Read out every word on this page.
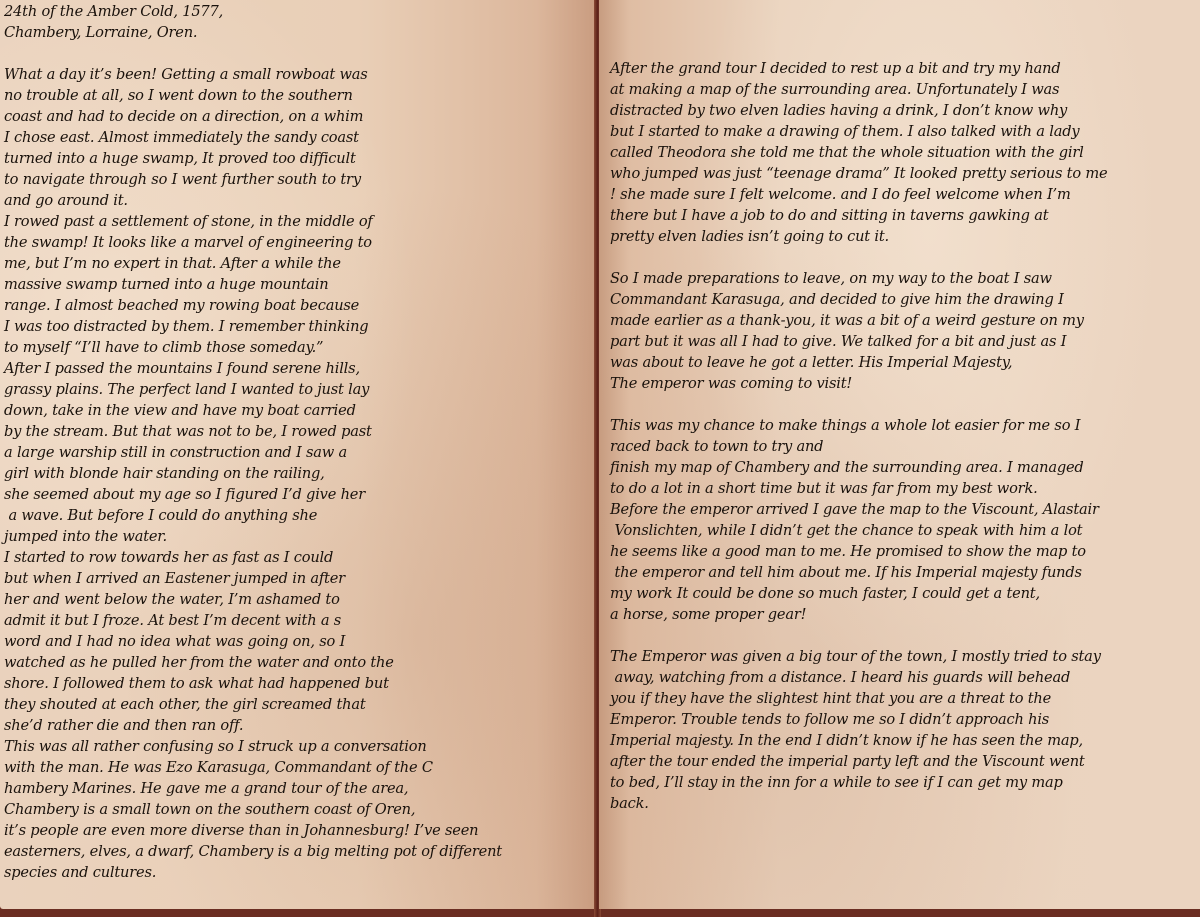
24th of the Amber Cold, 1577,
Chambery, Lorraine, Oren.
What a day it’s been! Getting a small rowboat was
no trouble at all, so I went down to the southern
coast and had to decide on a direction, on a whim
I chose east. Almost immediately the sandy coast
turned into a huge swamp, It proved too difficult
to navigate through so I went further south to try
and go around it.
I rowed past a settlement of stone, in the middle of
the swamp! It looks like a marvel of engineering to
me, but I’m no expert in that. After a while the
massive swamp turned into a huge mountain
range. I almost beached my rowing boat because
I was too distracted by them. I remember thinking
to myself “I’ll have to climb those someday.”
After I passed the mountains I found serene hills,
grassy plains. The perfect land I wanted to just lay
down, take in the view and have my boat carried
by the stream. But that was not to be, I rowed past
a large warship still in construction and I saw a
girl with blonde hair standing on the railing,
she seemed about my age so I figured I’d give her
a wave. But before I could do anything she
jumped into the water.
I started to row towards her as fast as I could
but when I arrived an Eastener jumped in after
her and went below the water, I’m ashamed to
admit it but I froze. At best I’m decent with a s
word and I had no idea what was going on, so I
watched as he pulled her from the water and onto the
shore. I followed them to ask what had happened but
they shouted at each other, the girl screamed that
she’d rather die and then ran off.
This was all rather confusing so I struck up a conversation
with the man. He was Ezo Karasuga, Commandant of the C
hambery Marines. He gave me a grand tour of the area,
Chambery is a small town on the southern coast of Oren,
it’s people are even more diverse than in Johannesburg! I’ve seen
easterners, elves, a dwarf, Chambery is a big melting pot of different
species and cultures.
After the grand tour I decided to rest up a bit and try my hand
at making a map of the surrounding area. Unfortunately I was
distracted by two elven ladies having a drink, I don’t know why
but I started to make a drawing of them. I also talked with a lady
called Theodora she told me that the whole situation with the girl
who jumped was just “teenage drama” It looked pretty serious to me
! she made sure I felt welcome. and I do feel welcome when I’m
there but I have a job to do and sitting in taverns gawking at
pretty elven ladies isn’t going to cut it.
So I made preparations to leave, on my way to the boat I saw
Commandant Karasuga, and decided to give him the drawing I
made earlier as a thank-you, it was a bit of a weird gesture on my
part but it was all I had to give. We talked for a bit and just as I
was about to leave he got a letter. His Imperial Majesty,
The emperor was coming to visit!
This was my chance to make things a whole lot easier for me so I
raced back to town to try and
finish my map of Chambery and the surrounding area. I managed
to do a lot in a short time but it was far from my best work.
Before the emperor arrived I gave the map to the Viscount, Alastair
Vonslichten, while I didn’t get the chance to speak with him a lot
he seems like a good man to me. He promised to show the map to
the emperor and tell him about me. If his Imperial majesty funds
my work It could be done so much faster, I could get a tent,
a horse, some proper gear!
The Emperor was given a big tour of the town, I mostly tried to stay
away, watching from a distance. I heard his guards will behead
you if they have the slightest hint that you are a threat to the
Emperor. Trouble tends to follow me so I didn’t approach his
Imperial majesty. In the end I didn’t know if he has seen the map,
after the tour ended the imperial party left and the Viscount went
to bed, I’ll stay in the inn for a while to see if I can get my map
back.
